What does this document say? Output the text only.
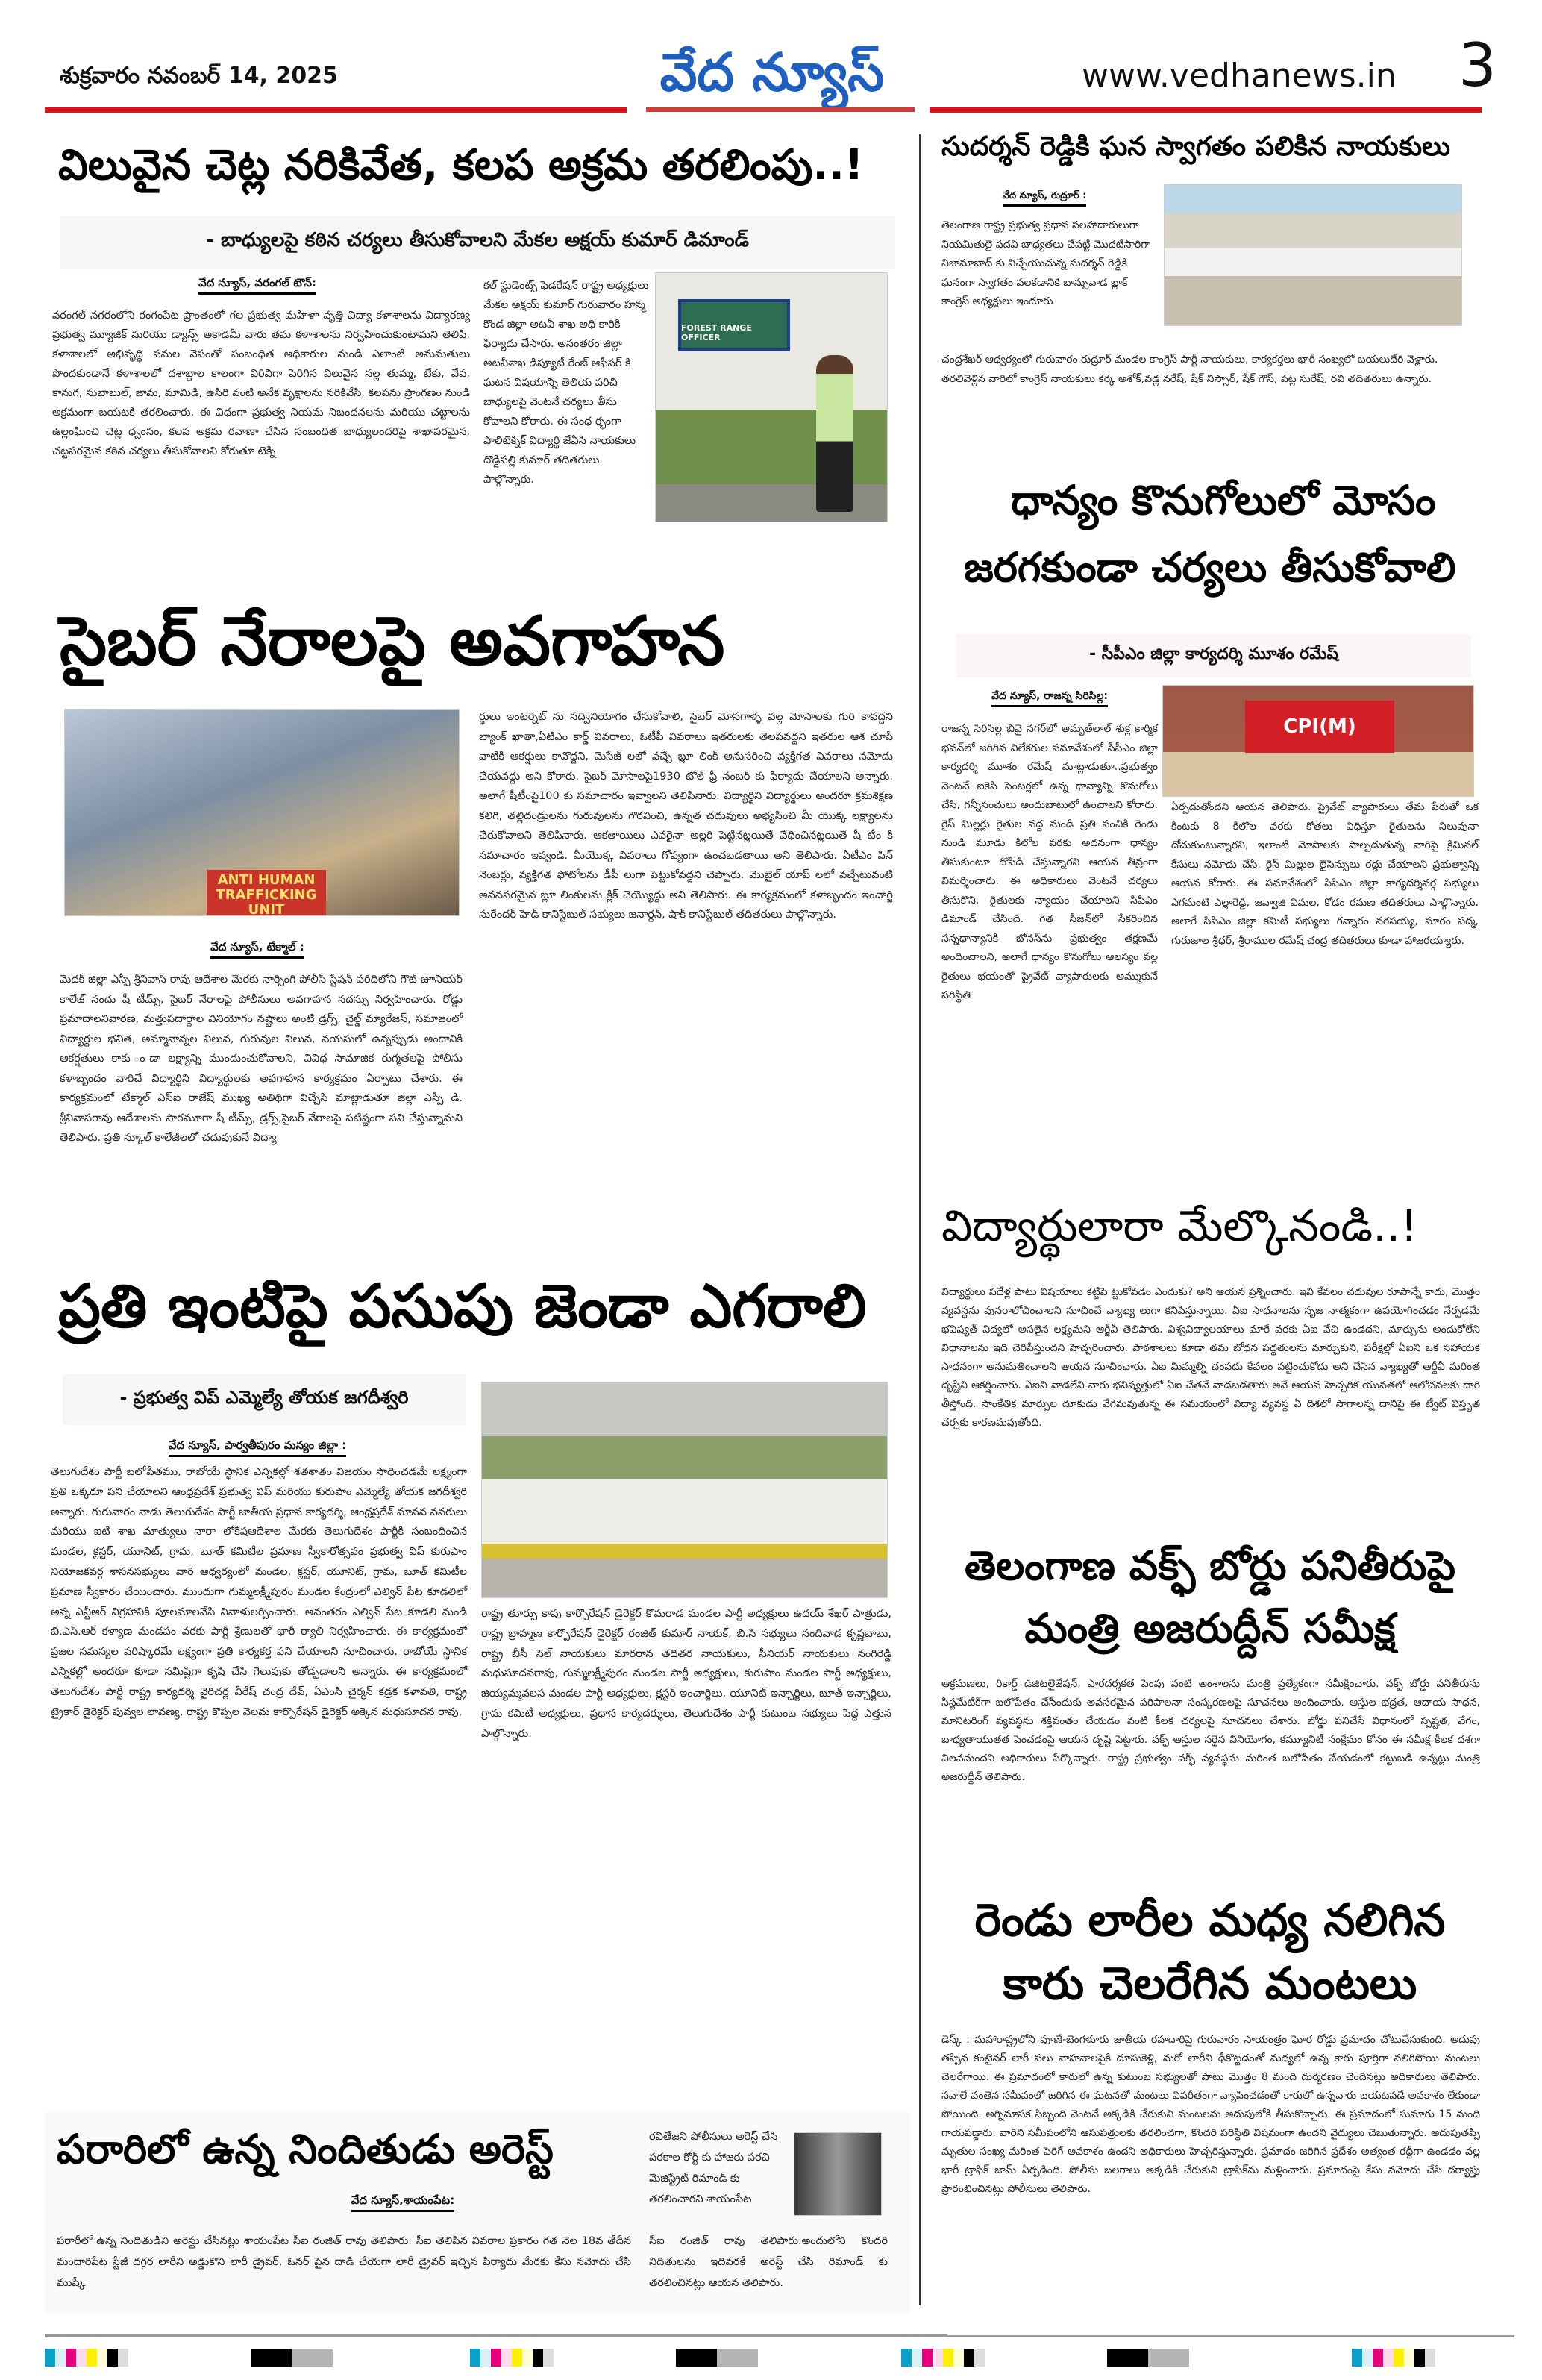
శుక్రవారం నవంబర్ 14, 2025	వేద న్యూస్	www.vedhanews.in 3
విలువైన చెట్ల నరికివేత, కలప అక్రమ తరలింపు..!
- బాధ్యులపై కఠిన చర్యలు తీసుకోవాలని మేకల అక్షయ్ కుమార్ డిమాండ్
వేద న్యూస్, వరంగల్ టౌన్:
వరంగల్ నగరంలోని రంగంపేట ప్రాంతంలో గల ప్రభుత్వ మహిళా వృత్తి విద్యా కళాశాలను విద్యారణ్య ప్రభుత్వ మ్యూజిక్ మరియు డ్యాన్స్ అకాడమీ వారు తమ కళాశాలను నిర్వహించుకుంటామని తెలిపి, కళాశాలలో అభివృద్ధి పనుల నెపంతో సంబంధిత అధికారుల నుండి ఎలాంటి అనుమతులు పొందకుండానే కళాశాలలో దశాబ్దాల కాలంగా విరివిగా పెరిగిన విలువైన నల్ల తుమ్మ, టేకు, వేప, కానుగ, సుబాబుల్, జామ, మామిడి, ఉసిరి వంటి అనేక వృక్షాలను నరికివేసి, కలపను ప్రాంగణం నుండి అక్రమంగా బయటకి తరలించారు. ఈ విధంగా ప్రభుత్వ నియమ నిబంధనలను మరియు చట్టాలను ఉల్లంఘించి చెట్ల ధ్వంసం, కలప అక్రమ రవాణా చేసిన సంబంధిత బాధ్యులందరిపై శాఖాపరమైన, చట్టపరమైన కఠిన చర్యలు తీసుకోవాలని కోరుతూ టెక్ని
కల్ స్టుడెంట్స్ ఫెడరేషన్ రాష్ట్ర అధ్యక్షులు మేకల అక్షయ్ కుమార్ గురువారం హన్మ కొండ జిల్లా అటవీ శాఖ అధి కారికి ఫిర్యాదు చేసారు. అనంతరం జిల్లా అటవీశాఖ డిప్యూటీ రేంజ్ ఆఫీసర్ కి ఘటన విషయాన్ని తెలియ పరిచి బాధ్యులపై వెంటనే చర్యలు తీసు కోవాలని కోరారు. ఈ సంధ ర్భంగా పాలిటెక్నిక్ విద్యార్థి జేఏసి నాయకులు దొడ్డిపల్లి కుమార్ తదితరులు పాల్గొన్నారు.
FOREST RANGE OFFICER
సైబర్ నేరాలపై అవగాహన
ANTI HUMAN TRAFFICKING UNIT
వేద న్యూస్, టేక్మాల్ :
మెదక్ జిల్లా ఎస్పీ శ్రీనివాస్ రావు ఆదేశాల మేరకు నార్సింగి పోలీస్ స్టేషన్ పరిధిలోని గౌట్ జూనియర్ కాలేజ్ నందు షీ టీమ్స్, సైబర్ నేరాలపై పోలీసులు అవగాహన సదస్సు నిర్వహించారు. రోడ్డు ప్రమాదాలనివారణ, మత్తుపదార్థాల వినియోగం నష్టాలు అంటి డ్రగ్స్, చైల్డ్ మ్యారేజస్, సమాజంలో విద్యార్థుల భవిత, అమ్మానాన్నల విలువ, గురువుల విలువ, వయసులో ఉన్నప్పుడు అందానికి ఆకర్షతులు కాకు ండా లక్ష్యాన్ని ముందుంచుకోవాలని, వివిధ సామాజిక రుగ్మతలపై పోలీసు కళాబృందం వారిచే విద్యార్థిని విద్యార్థులకు అవగాహన కార్యక్రమం ఏర్పాటు చేశారు. ఈ కార్యక్రమంలో టేక్మాల్ ఎస్ఐ రాజేష్ ముఖ్య అతిథిగా విచ్చేసి మాట్లాడుతూ జిల్లా ఎస్పీ డి. శ్రీనివాసరావు ఆదేశాలను సారమూగా షీ టీమ్స్, డ్రగ్స్,సైబర్ నేరాలపై పటిష్టంగా పని చేస్తున్నామని తెలిపారు. ప్రతి స్కూల్ కాలేజీలలో చదువుకునే విద్యా
ర్థులు ఇంటర్నెట్ ను సద్వినియోగం చేసుకోవాలి, సైబర్ మోసగాళ్ళ వల్ల మోసాలకు గురి కావద్దని బ్యాంక్ ఖాతా,ఏటిఎం కార్డ్ వివరాలు, ఓటీపీ వివరాలు ఇతరులకు తెలపవద్దని ఇతరుల ఆశ చూపే వాటికి ఆకర్షులు కావొద్దని, మెసేజ్ లలో వచ్చే బ్లూ లింక్ అనుసరించి వ్యక్తిగత వివరాలు నమోదు చేయవద్దు అని కోరారు. సైబర్ మోసాలపై1930 టోల్ ఫ్రీ నంబర్ కు ఫిర్యాదు చేయాలని అన్నారు. అలాగే షీటీంపై100 కు సమాచారం ఇవ్వాలని తెలిపినారు. విద్యార్థిని విద్యార్థులు అందరూ క్రమశిక్షణ కలిగి, తల్లిదండ్రులను గురువులను గౌరవించి, ఉన్నత చదువులు అభ్యసించి మీ యొక్క లక్ష్యాలను చేరుకోవాలని తెలిపినారు. ఆకతాయిలు ఎవరైనా అల్లరి పెట్టినట్లయితే వేధించినట్లయితే షీ టీం కి సమాచారం ఇవ్వండి. మీయొక్క వివరాలు గోప్యంగా ఉంచబడతాయి అని తెలిపారు. ఏటీఎం పిన్ నెంబర్లు, వ్యక్తిగత ఫోటోలను డీపీ లుగా పెట్టుకోవద్దని చెప్పారు. మొబైల్ యాప్ లలో వచ్చేటువంటి అనవసరమైన బ్లూ లింకులను క్లిక్ చెయ్యొద్దు అని తెలిపారు. ఈ కార్యక్రమంలో కళాబృందం ఇంచార్జి సురేందర్ హెడ్ కానిస్టేబుల్ సభ్యులు జనార్దన్, షాక్ కానిస్టేబుల్ తదితరులు పాల్గొన్నారు.
ప్రతి ఇంటిపై పసుపు జెండా ఎగరాలి
- ప్రభుత్వ విప్ ఎమ్మెల్యే తోయక జగదీశ్వరి
వేద న్యూస్, పార్వతీపురం మన్యం జిల్లా :
తెలుగుదేశం పార్టీ బలోపేతము, రాబోయే స్థానిక ఎన్నికల్లో శతశాతం విజయం సాధించడమే లక్ష్యంగా ప్రతి ఒక్కరూ పని చేయాలని ఆంధ్రప్రదేశ్ ప్రభుత్వ విప్ మరియు కురుపాం ఎమ్మెల్యే తోయక జగదీశ్వరి అన్నారు. గురువారం నాడు తెలుగుదేశం పార్టీ జాతీయ ప్రధాన కార్యదర్శి, ఆంధ్రప్రదేశ్ మానవ వనరులు మరియు ఐటి శాఖ మాత్యులు నారా లోకేషఆదేశాల మేరకు తెలుగుదేశం పార్టీకి సంబంధించిన మండల, క్లస్టర్, యూనిట్, గ్రామ, బూత్ కమిటీల ప్రమాణ స్వీకారోత్సవం ప్రభుత్వ విప్ కురుపాం నియోజకవర్గ శాసనసభ్యులు వారి ఆధ్వర్యంలో మండల, క్లస్టర్, యూనిట్, గ్రామ, బూత్ కమిటీల ప్రమాణ స్వీకారం చేయించారు. ముందుగా గుమ్మలక్ష్మీపురం మండల కేంద్రంలో ఎల్విన్ పేట కూడలిలో అన్న ఎన్టీఆర్ విగ్రహానికి పూలమాలవేసి నివాళులర్పించారు. అనంతరం ఎల్విన్ పేట కూడలి నుండి బి.ఎస్.ఆర్ కళ్యాణ మండపం వరకు పార్టీ శ్రేణులతో భారీ ర్యాలీ నిర్వహించారు. ఈ కార్యక్రమంలో ప్రజల సమస్యల పరిష్కారమే లక్ష్యంగా ప్రతి కార్యకర్త పని చేయాలని సూచించారు. రాబోయే స్థానిక ఎన్నికల్లో అందరూ కూడా సమిష్టిగా కృషి చేసి గెలుపుకు తోడ్పడాలని అన్నారు. ఈ కార్యక్రమంలో తెలుగుదేశం పార్టీ రాష్ట్ర కార్యదర్శి వైరిచర్ల వీరేష్ చంద్ర దేవ్, ఏఎంసి చైర్మన్ కడ్రక కళావతి, రాష్ట్ర ట్రైకార్ డైరెక్టర్ పువ్వల లావణ్య, రాష్ట్ర కొప్పల వెలమ కార్పొరేషన్ డైరెక్టర్ అక్కెన మధుసూదన రావు,
రాష్ట్ర తూర్పు కాపు కార్పొరేషన్ డైరెక్టర్ కొమరాడ మండల పార్టీ అధ్యక్షులు ఉదయ్ శేఖర్ పాత్రుడు, రాష్ట్ర బ్రాహ్మణ కార్పొరేషన్ డైరెక్టర్ రంజిత్ కుమార్ నాయక్, బి.సి సభ్యులు నందివాడ కృష్ణబాబు, రాష్ట్ర బీసీ సెల్ నాయకులు మారరాన తదితర నాయకులు, సీనియర్ నాయకులు నంగిరెడ్డి మధుసూదనరావు, గుమ్మలక్ష్మీపురం మండల పార్టీ అధ్యక్షులు, కురుపాం మండల పార్టీ అధ్యక్షులు, జియ్యమ్మవలస మండల పార్టీ అధ్యక్షులు, క్లస్టర్ ఇంచార్జిలు, యూనిట్ ఇన్చార్జిలు, బూత్ ఇన్చార్జిలు, గ్రామ కమిటీ అధ్యక్షులు, ప్రధాన కార్యదర్శులు, తెలుగుదేశం పార్టీ కుటుంబ సభ్యులు పెద్ద ఎత్తున పాల్గొన్నారు.
పరారిలో ఉన్న నిందితుడు అరెస్ట్
వేద న్యూస్,శాయంపేట:
పరారీలో ఉన్న నిందితుడిని అరెస్టు చేసినట్లు శాయంపేట సీఐ రంజిత్ రావు తెలిపారు. సీఐ తెలిపిన వివరాల ప్రకారం గత నెల 18వ తేదీన మందారిపేట స్టేజీ దగ్గర లారీని అడ్డుకొని లారీ డ్రైవర్, ఓనర్ పైన దాడి చేయగా లారీ డ్రైవర్ ఇచ్చిన పిర్యాదు మేరకు కేసు నమోదు చేసి ముష్కే
రవితేజని పోలీసులు అరెస్ట్ చేసి పరకాల కోర్ట్ కు హాజరు పరచి మేజిస్ట్రేట్ రిమాండ్ కు తరలించారని శాయంపేట
సీఐ రంజిత్ రావు తెలిపారు.అందులోని కొందరి నిదితులను ఇదివరకే అరెస్ట్ చేసి రిమాండ్ కు తరలించినట్లు ఆయన తెలిపారు.
సుదర్శన్ రెడ్డికి ఘన స్వాగతం పలికిన నాయకులు
వేద న్యూస్, రుద్రూర్ :
తెలంగాణ రాష్ట్ర ప్రభుత్వ ప్రధాన సలహాదారులుగా నియమితులై పదవి బాధ్యతలు చేపట్టి మొదటిసారిగా నిజామాబాద్ కు విచ్చేయుచున్న సుదర్శన్ రెడ్డికి ఘనంగా స్వాగతం పలకడానికి బాన్సువాడ బ్లాక్ కాంగ్రెస్ అధ్యక్షులు ఇందూరు
చంద్రశేఖర్ ఆధ్వర్యంలో గురువారం రుద్రూర్ మండల కాంగ్రెస్ పార్టీ నాయకులు, కార్యకర్తలు భారీ సంఖ్యలో బయలుదేరి వెళ్లారు. తరలివెళ్లిన వారిలో కాంగ్రెస్ నాయకులు కర్క అశోక్,వడ్ల నరేష్, షేక్ నిస్సార్, షేక్ గౌస్, పట్ల సురేష్, రవి తదితరులు ఉన్నారు.
ధాన్యం కొనుగోలులో మోసం
జరగకుండా చర్యలు తీసుకోవాలి
- సీపీఎం జిల్లా కార్యదర్శి మూశం రమేష్
వేద న్యూస్, రాజన్న సిరిసిల్ల:
రాజన్న సిరిసిల్ల బివై నగర్‌లో అమృత్‌లాల్ శుక్ల కార్మిక భవన్‌లో జరిగిన విలేకరుల సమావేశంలో సీపీఎం జిల్లా కార్యదర్శి మూశం రమేష్ మాట్లాడుతూ..ప్రభుత్వం వెంటనే ఐకెపి సెంటర్లలో ఉన్న ధాన్యాన్ని కొనుగోలు చేసి, గన్నీసంచులు అందుబాటులో ఉంచాలని కోరారు. రైస్ మిల్లర్లు రైతుల వద్ద నుండి ప్రతి సంచికి రెండు నుండి మూడు కిలోల వరకు అదనంగా ధాన్యం తీసుకుంటూ దోపిడీ చేస్తున్నారని ఆయన తీవ్రంగా విమర్శించారు. ఈ అధికారులు వెంటనే చర్యలు తీసుకొని, రైతులకు న్యాయం చేయాలని సిపిఎం డిమాండ్ చేసింది. గత సీజన్‌లో సేకరించిన సన్నధాన్యానికి బోనస్‌ను ప్రభుత్వం తక్షణమే అందించాలని, అలాగే ధాన్యం కొనుగోలు ఆలస్యం వల్ల రైతులు భయంతో ప్రైవేట్ వ్యాపారులకు అమ్ముకునే పరిస్థితి
CPI(M)
ఏర్పడుతోందని ఆయన తెలిపారు. ప్రైవేట్ వ్యాపారులు తేమ పేరుతో ఒక కింటకు 8 కిలోల వరకు కోతలు విధిస్తూ రైతులను నిలువునా దోచుకుంటున్నారని, ఇలాంటి మోసాలకు పాల్పడుతున్న వారిపై క్రిమినల్ కేసులు నమోదు చేసి, రైస్ మిల్లుల లైసెన్సులు రద్దు చేయాలని ప్రభుత్వాన్ని ఆయన కోరారు. ఈ సమావేశంలో సిపిఎం జిల్లా కార్యదర్శివర్గ సభ్యులు ఎగమంటి ఎల్లారెడ్డి, జవ్వాజి విమల, కోడం రమణ తదితరులు పాల్గొన్నారు. అలాగే సిపిఎం జిల్లా కమిటీ సభ్యులు గన్నారం నరసయ్య, సూరం పద్మ, గురుజాల శ్రీధర్, శ్రీరాముల రమేష్ చంద్ర తదితరులు కూడా హాజరయ్యారు.
విద్యార్థులారా మేల్కొనండి..!
విద్యార్థులు పదేళ్ల పాటు విషయాలు కట్టిపె ట్టుకోవడం ఎందుకు? అని ఆయన ప్రశ్నించారు. ఇవి కేవలం చదువుల రూపాన్నే కాదు, మొత్తం వ్యవస్థను పునరాలోచించాలని సూచించే వ్యాఖ్య లుగా కనిపిస్తున్నాయి. ఏఐ సాధనాలను సృజ నాత్మకంగా ఉపయోగించడం నేర్పడమే భవిష్యత్ విద్యలో అసలైన లక్ష్యమని ఆర్జీవీ తెలిపారు. విశ్వవిద్యాలయాలు మారే వరకు ఏఐ వేచి ఉండదని, మార్పును అందుకోలేని విధానాలను ఇది చెరిపేస్తుందని హెచ్చరించారు. పాఠశాలలు కూడా తమ బోధన పద్ధతులను మార్చుకుని, పరీక్షల్లో ఏఐని ఒక సహాయక సాధనంగా అనుమతించాలని ఆయన సూచించారు. ఏఐ మిమ్మల్ని చంపదు కేవలం పట్టించుకోదు అని చేసిన వ్యాఖ్యతో ఆర్జీవీ మరింత దృష్టిని ఆకర్షించారు. ఏఐని వాడలేని వారు భవిష్యత్తులో ఏఐ చేతనే వాడబడతారు అనే ఆయన హెచ్చరిక యువతలో ఆలోచనలకు దారి తీస్తోంది. సాంకేతిక మార్పుల దూకుడు వేగమవుతున్న ఈ సమయంలో విద్యా వ్యవస్థ ఏ దిశలో సాగాలన్న దానిపై ఈ ట్వీట్ విస్తృత చర్చకు కారణమవుతోంది.
తెలంగాణ వక్ఫ్ బోర్డు పనితీరుపై
మంత్రి అజరుద్దీన్ సమీక్ష
ఆక్రమణలు, రికార్డ్ డిజిటలైజేషన్, పారదర్శకత పెంపు వంటి అంశాలను మంత్రి ప్రత్యేకంగా సమీక్షించారు. వక్ఫ్ బోర్డు పనితీరును సిస్టమేటిక్‌గా బలోపేతం చేసేందుకు అవసరమైన పరిపాలనా సంస్కరణలపై సూచనలు అందించారు. ఆస్తుల భద్రత, ఆదాయ సాధన, మానిటరింగ్ వ్యవస్థను శక్తివంతం చేయడం వంటి కీలక చర్యలపై సూచనలు చేశారు. బోర్డు పనిచేసే విధానంలో స్పష్టత, వేగం, బాధ్యతాయుతత పెంచడంపై ఆయన దృష్టి పెట్టారు. వక్ఫ్ ఆస్తుల సరైన వినియోగం, కమ్యూనిటీ సంక్షేమం కోసం ఈ సమీక్ష కీలక దశగా నిలవనుందని అధికారులు పేర్కొన్నారు. రాష్ట్ర ప్రభుత్వం వక్ఫ్ వ్యవస్థను మరింత బలోపేతం చేయడంలో కట్టుబడి ఉన్నట్లు మంత్రి అజరుద్దీన్ తెలిపారు.
రెండు లారీల మధ్య నలిగిన
కారు చెలరేగిన మంటలు
డెస్క్ : మహారాష్ట్రలోని పూణే-బెంగళూరు జాతీయ రహదారిపై గురువారం సాయంత్రం ఘోర రోడ్డు ప్రమాదం చోటుచేసుకుంది. అదుపు తప్పిన కంటైనర్ లారీ పలు వాహనాలపైకి దూసుకెళ్లి, మరో లారీని ఢీకొట్టడంతో మధ్యలో ఉన్న కారు పూర్తిగా నలిగిపోయి మంటలు చెలరేగాయి. ఈ ప్రమాదంలో కారులో ఉన్న కుటుంబ సభ్యులతో పాటు మొత్తం 8 మంది దుర్మరణం చెందినట్లు అధికారులు తెలిపారు. సవాలే వంతెన సమీపంలో జరిగిన ఈ ఘటనతో మంటలు విపరీతంగా వ్యాపించడంతో కారులో ఉన్నవారు బయటపడే అవకాశం లేకుండా పోయింది. అగ్నిమాపక సిబ్బంది వెంటనే అక్కడికి చేరుకుని మంటలను అదుపులోకి తీసుకొచ్చారు. ఈ ప్రమాదంలో సుమారు 15 మంది గాయపడ్డారు. వారిని సమీపంలోని ఆసుపత్రులకు తరలించగా, కొందరి పరిస్థితి విషమంగా ఉందని వైద్యులు చెబుతున్నారు. అదుపుతప్పి మృతుల సంఖ్య మరింత పెరిగే అవకాశం ఉందని అధికారులు హెచ్చరిస్తున్నారు. ప్రమాదం జరిగిన ప్రదేశం అత్యంత రద్దీగా ఉండడం వల్ల భారీ ట్రాఫిక్ జామ్ ఏర్పడింది. పోలీసు బలగాలు అక్కడికి చేరుకుని ట్రాఫిక్‌ను మళ్లించారు. ప్రమాదంపై కేసు నమోదు చేసి దర్యాప్తు ప్రారంభించినట్లు పోలీసులు తెలిపారు.
